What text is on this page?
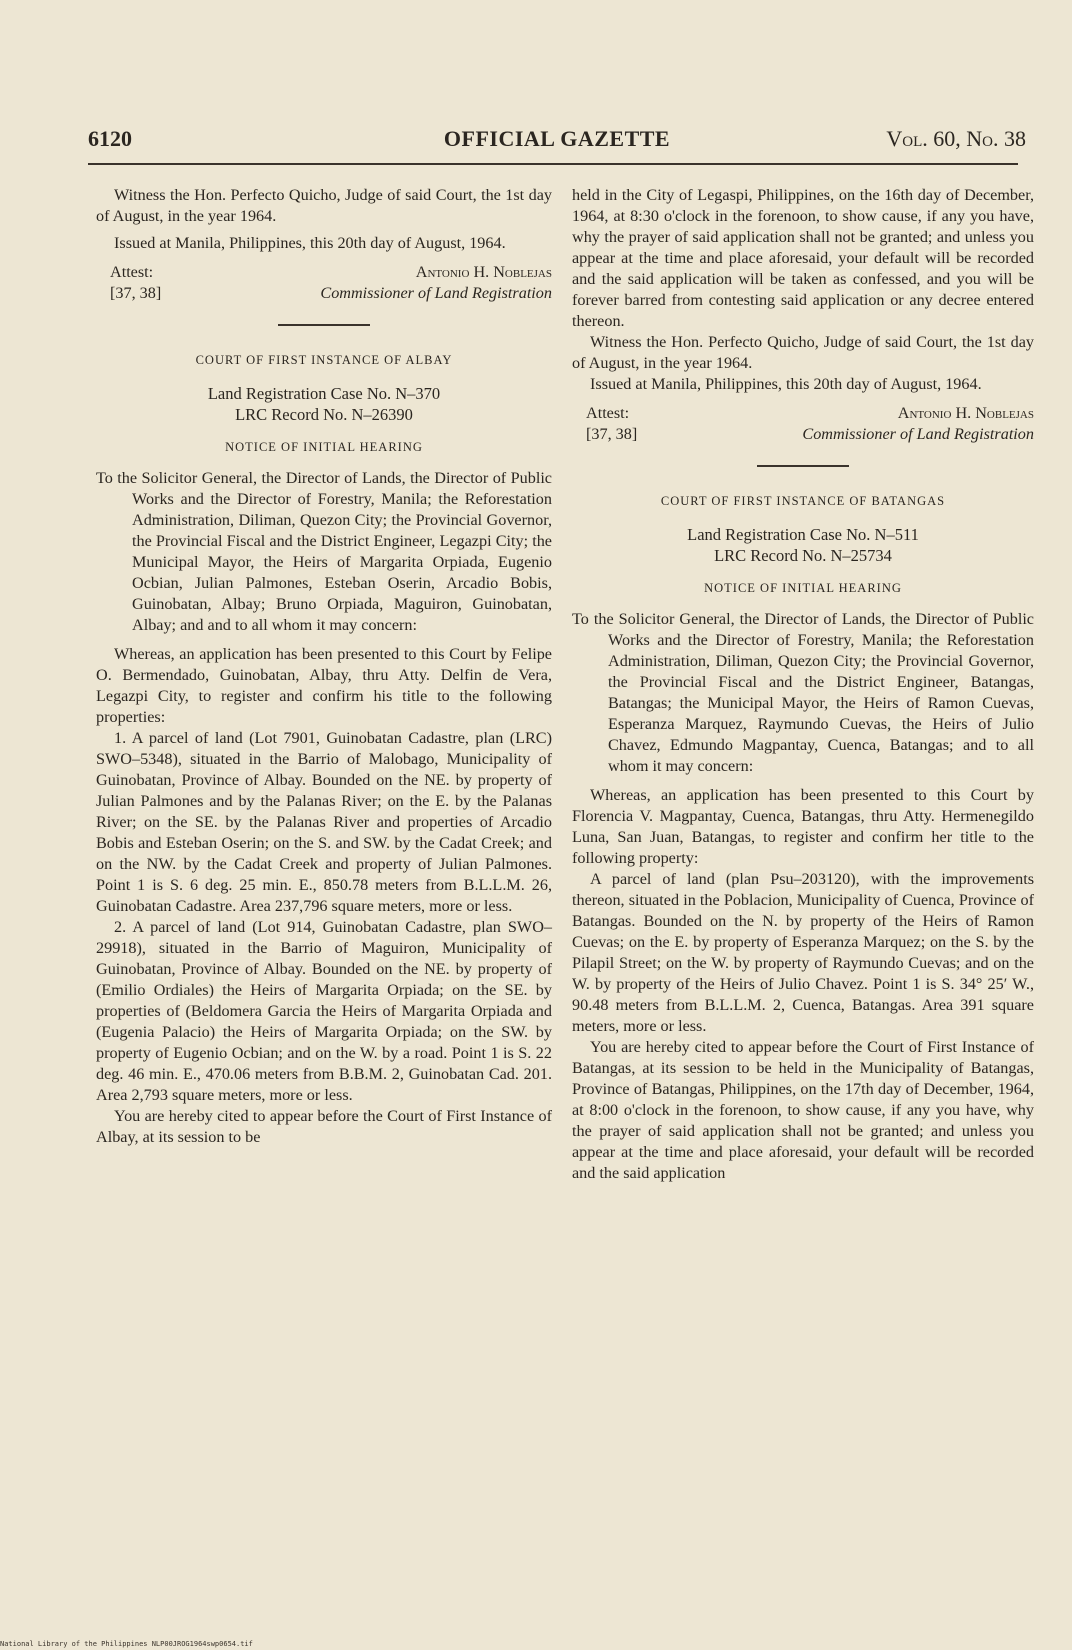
6120	OFFICIAL GAZETTE	Vol. 60, No. 38

Witness the Hon. Perfecto Quicho, Judge of said Court, the 1st day of August, in the year 1964.

Issued at Manila, Philippines, this 20th day of August, 1964.

Attest:	Antonio H. Noblejas
[37, 38]	Commissioner of Land Registration
COURT OF FIRST INSTANCE OF ALBAY
Land Registration Case No. N–370
LRC Record No. N–26390
NOTICE OF INITIAL HEARING
To the Solicitor General, the Director of Lands, the Director of Public Works and the Director of Forestry, Manila; the Reforestation Administration, Diliman, Quezon City; the Provincial Governor, the Provincial Fiscal and the District Engineer, Legazpi City; the Municipal Mayor, the Heirs of Margarita Orpiada, Eugenio Ocbian, Julian Palmones, Esteban Oserin, Arcadio Bobis, Guinobatan, Albay; Bruno Orpiada, Maguiron, Guinobatan, Albay; and and to all whom it may concern:

Whereas, an application has been presented to this Court by Felipe O. Bermendado, Guinobatan, Albay, thru Atty. Delfin de Vera, Legazpi City, to register and confirm his title to the following properties:

1. A parcel of land (Lot 7901, Guinobatan Cadastre, plan (LRC) SWO–5348), situated in the Barrio of Malobago, Municipality of Guinobatan, Province of Albay. Bounded on the NE. by property of Julian Palmones and by the Palanas River; on the E. by the Palanas River; on the SE. by the Palanas River and properties of Arcadio Bobis and Esteban Oserin; on the S. and SW. by the Cadat Creek; and on the NW. by the Cadat Creek and property of Julian Palmones. Point 1 is S. 6 deg. 25 min. E., 850.78 meters from B.L.L.M. 26, Guinobatan Cadastre. Area 237,796 square meters, more or less.

2. A parcel of land (Lot 914, Guinobatan Cadastre, plan SWO–29918), situated in the Barrio of Maguiron, Municipality of Guinobatan, Province of Albay. Bounded on the NE. by property of (Emilio Ordiales) the Heirs of Margarita Orpiada; on the SE. by properties of (Beldomera Garcia the Heirs of Margarita Orpiada and (Eugenia Palacio) the Heirs of Margarita Orpiada; on the SW. by property of Eugenio Ocbian; and on the W. by a road. Point 1 is S. 22 deg. 46 min. E., 470.06 meters from B.B.M. 2, Guinobatan Cad. 201. Area 2,793 square meters, more or less.

You are hereby cited to appear before the Court of First Instance of Albay, at its session to be

held in the City of Legaspi, Philippines, on the 16th day of December, 1964, at 8:30 o'clock in the forenoon, to show cause, if any you have, why the prayer of said application shall not be granted; and unless you appear at the time and place aforesaid, your default will be recorded and the said application will be taken as confessed, and you will be forever barred from contesting said application or any decree entered thereon.

Witness the Hon. Perfecto Quicho, Judge of said Court, the 1st day of August, in the year 1964.

Issued at Manila, Philippines, this 20th day of August, 1964.

Attest:	Antonio H. Noblejas
[37, 38]	Commissioner of Land Registration
COURT OF FIRST INSTANCE OF BATANGAS
Land Registration Case No. N–511
LRC Record No. N–25734
NOTICE OF INITIAL HEARING
To the Solicitor General, the Director of Lands, the Director of Public Works and the Director of Forestry, Manila; the Reforestation Administration, Diliman, Quezon City; the Provincial Governor, the Provincial Fiscal and the District Engineer, Batangas, Batangas; the Municipal Mayor, the Heirs of Ramon Cuevas, Esperanza Marquez, Raymundo Cuevas, the Heirs of Julio Chavez, Edmundo Magpantay, Cuenca, Batangas; and to all whom it may concern:

Whereas, an application has been presented to this Court by Florencia V. Magpantay, Cuenca, Batangas, thru Atty. Hermenegildo Luna, San Juan, Batangas, to register and confirm her title to the following property:

A parcel of land (plan Psu–203120), with the improvements thereon, situated in the Poblacion, Municipality of Cuenca, Province of Batangas. Bounded on the N. by property of the Heirs of Ramon Cuevas; on the E. by property of Esperanza Marquez; on the S. by the Pilapil Street; on the W. by property of Raymundo Cuevas; and on the W. by property of the Heirs of Julio Chavez. Point 1 is S. 34° 25′ W., 90.48 meters from B.L.L.M. 2, Cuenca, Batangas. Area 391 square meters, more or less.

You are hereby cited to appear before the Court of First Instance of Batangas, at its session to be held in the Municipality of Batangas, Province of Batangas, Philippines, on the 17th day of December, 1964, at 8:00 o'clock in the forenoon, to show cause, if any you have, why the prayer of said application shall not be granted; and unless you appear at the time and place aforesaid, your default will be recorded and the said application

National Library of the Philippines NLP00JROG1964swp0654.tif
